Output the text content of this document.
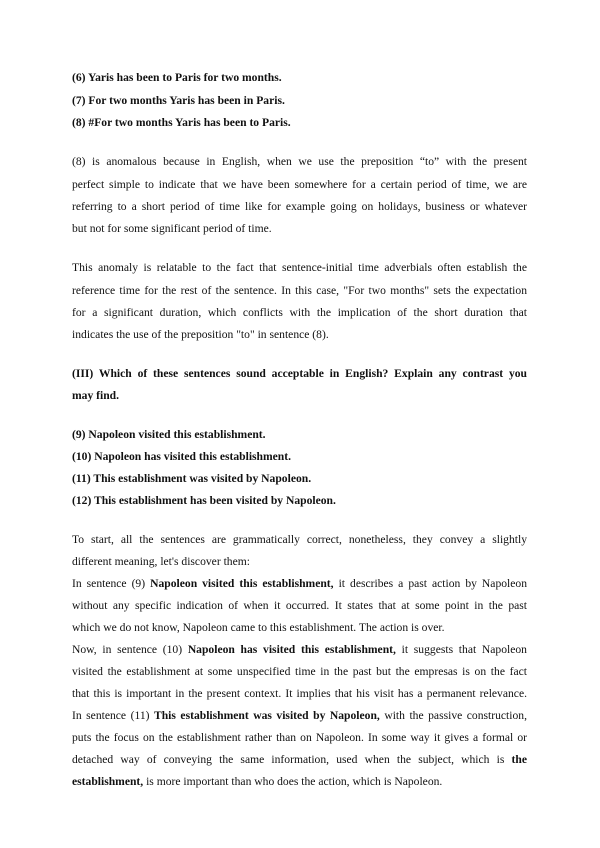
(6) Yaris has been to Paris for two months.
(7) For two months Yaris has been in Paris.
(8) #For two months Yaris has been to Paris.
(8) is anomalous because in English, when we use the preposition “to” with the present
perfect simple to indicate that we have been somewhere for a certain period of time, we are
referring to a short period of time like for example going on holidays, business or whatever
but not for some significant period of time.
This anomaly is relatable to the fact that sentence-initial time adverbials often establish the
reference time for the rest of the sentence. In this case, "For two months" sets the expectation
for a significant duration, which conflicts with the implication of the short duration that
indicates the use of the preposition "to" in sentence (8).
(III) Which of these sentences sound acceptable in English? Explain any contrast you
may find.
(9) Napoleon visited this establishment.
(10) Napoleon has visited this establishment.
(11) This establishment was visited by Napoleon.
(12) This establishment has been visited by Napoleon.
To start, all the sentences are grammatically correct, nonetheless, they convey a slightly
different meaning, let's discover them:
In sentence (9) Napoleon visited this establishment, it describes a past action by Napoleon
without any specific indication of when it occurred. It states that at some point in the past
which we do not know, Napoleon came to this establishment. The action is over.
Now, in sentence (10) Napoleon has visited this establishment, it suggests that Napoleon
visited the establishment at some unspecified time in the past but the empresas is on the fact
that this is important in the present context. It implies that his visit has a permanent relevance.
In sentence (11) This establishment was visited by Napoleon, with the passive construction,
puts the focus on the establishment rather than on Napoleon. In some way it gives a formal or
detached way of conveying the same information, used when the subject, which is the
establishment, is more important than who does the action, which is Napoleon.
